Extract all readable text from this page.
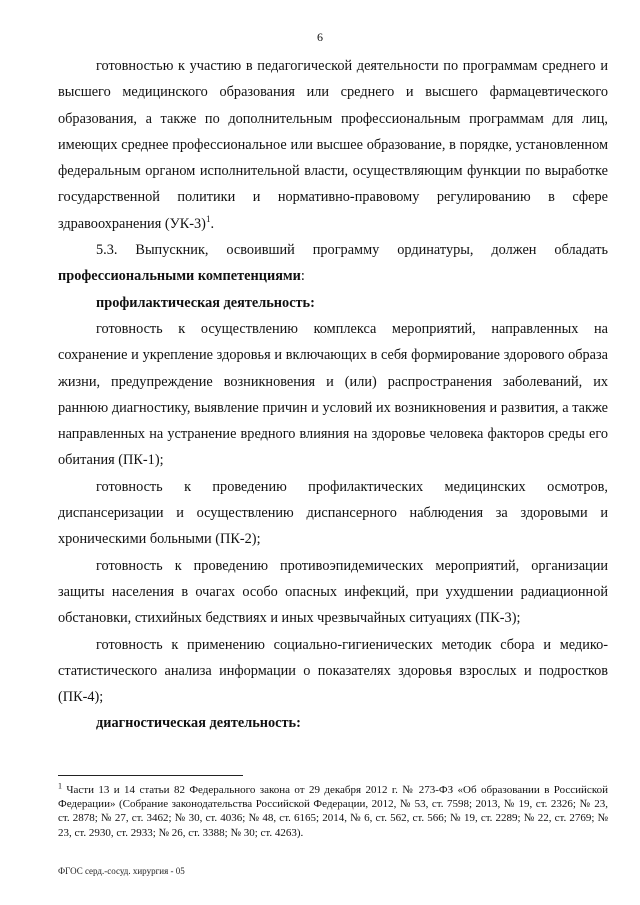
6

готовностью к участию в педагогической деятельности по программам среднего и высшего медицинского образования или среднего и высшего фармацевтического образования, а также по дополнительным профессиональным программам для лиц, имеющих среднее профессиональное или высшее образование, в порядке, установленном федеральным органом исполнительной власти, осуществляющим функции по выработке государственной политики и нормативно-правовому регулированию в сфере здравоохранения $(УК-3)^1$.

5.3. Выпускник, освоивший программу ординатуры, должен обладать профессиональными компетенциями:

профилактическая деятельность:

готовность к осуществлению комплекса мероприятий, направленных на сохранение и укрепление здоровья и включающих в себя формирование здорового образа жизни, предупреждение возникновения и (или) распространения заболеваний, их раннюю диагностику, выявление причин и условий их возникновения и развития, а также направленных на устранение вредного влияния на здоровье человека факторов среды его обитания (ПК-1);

готовность к проведению профилактических медицинских осмотров, диспансеризации и осуществлению диспансерного наблюдения за здоровыми и хроническими больными (ПК-2);

готовность к проведению противоэпидемических мероприятий, организации защиты населения в очагах особо опасных инфекций, при ухудшении радиационной обстановки, стихийных бедствиях и иных чрезвычайных ситуациях (ПК-3);

готовность к применению социально-гигиенических методик сбора и медико-статистического анализа информации о показателях здоровья взрослых и подростков (ПК-4);

диагностическая деятельность:

$^1$ Части 13 и 14 статьи 82 Федерального закона от 29 декабря 2012 г. № 273-ФЗ «Об образовании в Российской Федерации» (Собрание законодательства Российской Федерации, 2012, № 53, ст. 7598; 2013, № 19, ст. 2326; № 23, ст. 2878; № 27, ст. 3462; № 30, ст. 4036; № 48, ст. 6165; 2014, № 6, ст. 562, ст. 566; № 19, ст. 2289; № 22, ст. 2769; № 23, ст. 2930, ст. 2933; № 26, ст. 3388; № 30; ст. 4263).
ФГОС серд.-сосуд. хирургия - 05
